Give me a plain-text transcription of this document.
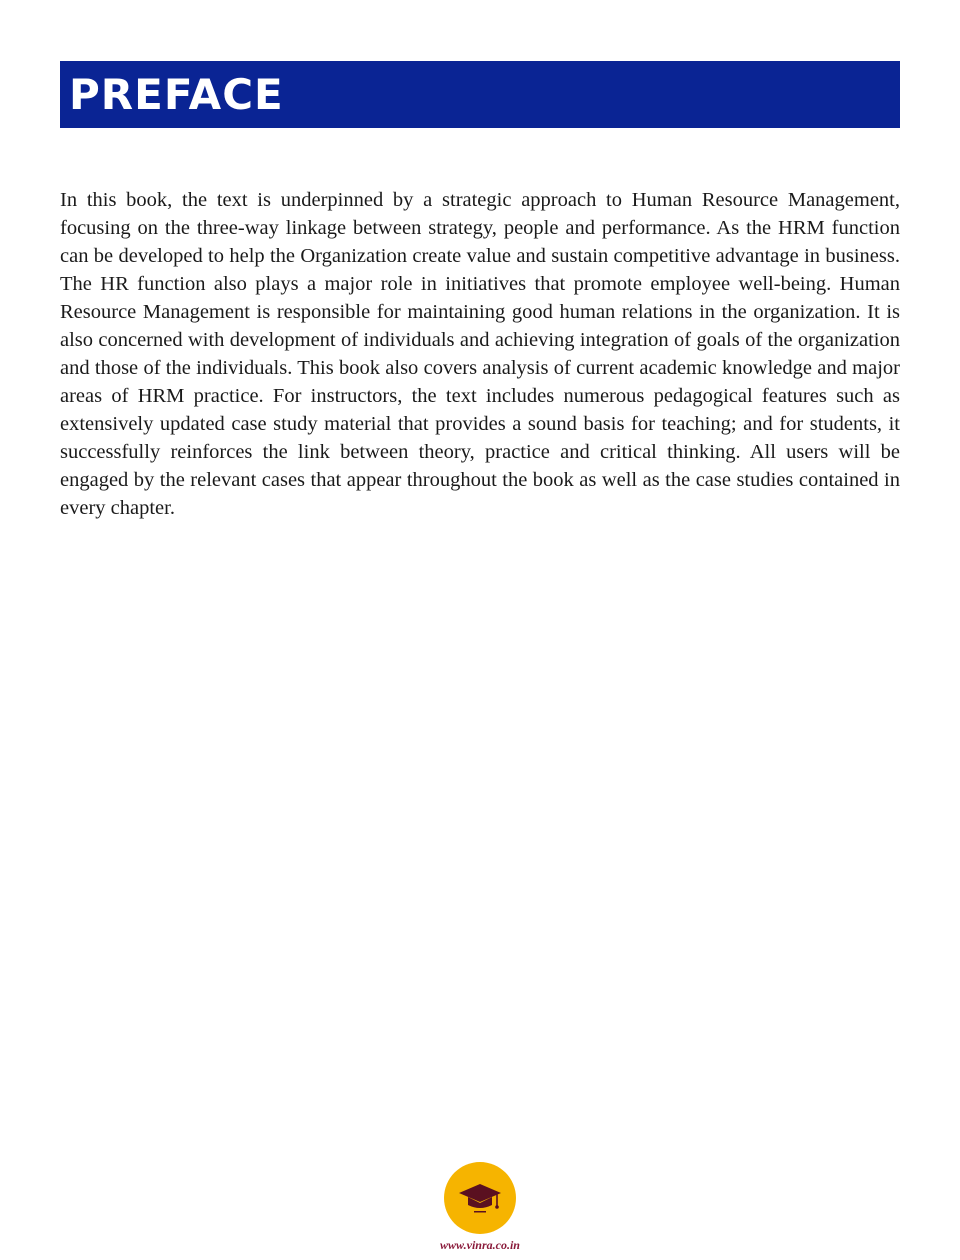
PREFACE

In this book, the text is underpinned by a strategic approach to Human Resource Management, focusing on the three-way linkage between strategy, people and performance. As the HRM function can be developed to help the Organization create value and sustain competitive advantage in business. The HR function also plays a major role in initiatives that promote employee well-being. Human Resource Management is responsible for maintaining good human relations in the organization. It is also concerned with development of individuals and achieving integration of goals of the organization and those of the individuals. This book also covers analysis of current academic knowledge and major areas of HRM practice. For instructors, the text includes numerous pedagogical features such as extensively updated case study material that provides a sound basis for teaching; and for students, it successfully reinforces the link between theory, practice and critical thinking. All users will be engaged by the relevant cases that appear throughout the book as well as the case studies contained in every chapter.

www.vinra.co.in
